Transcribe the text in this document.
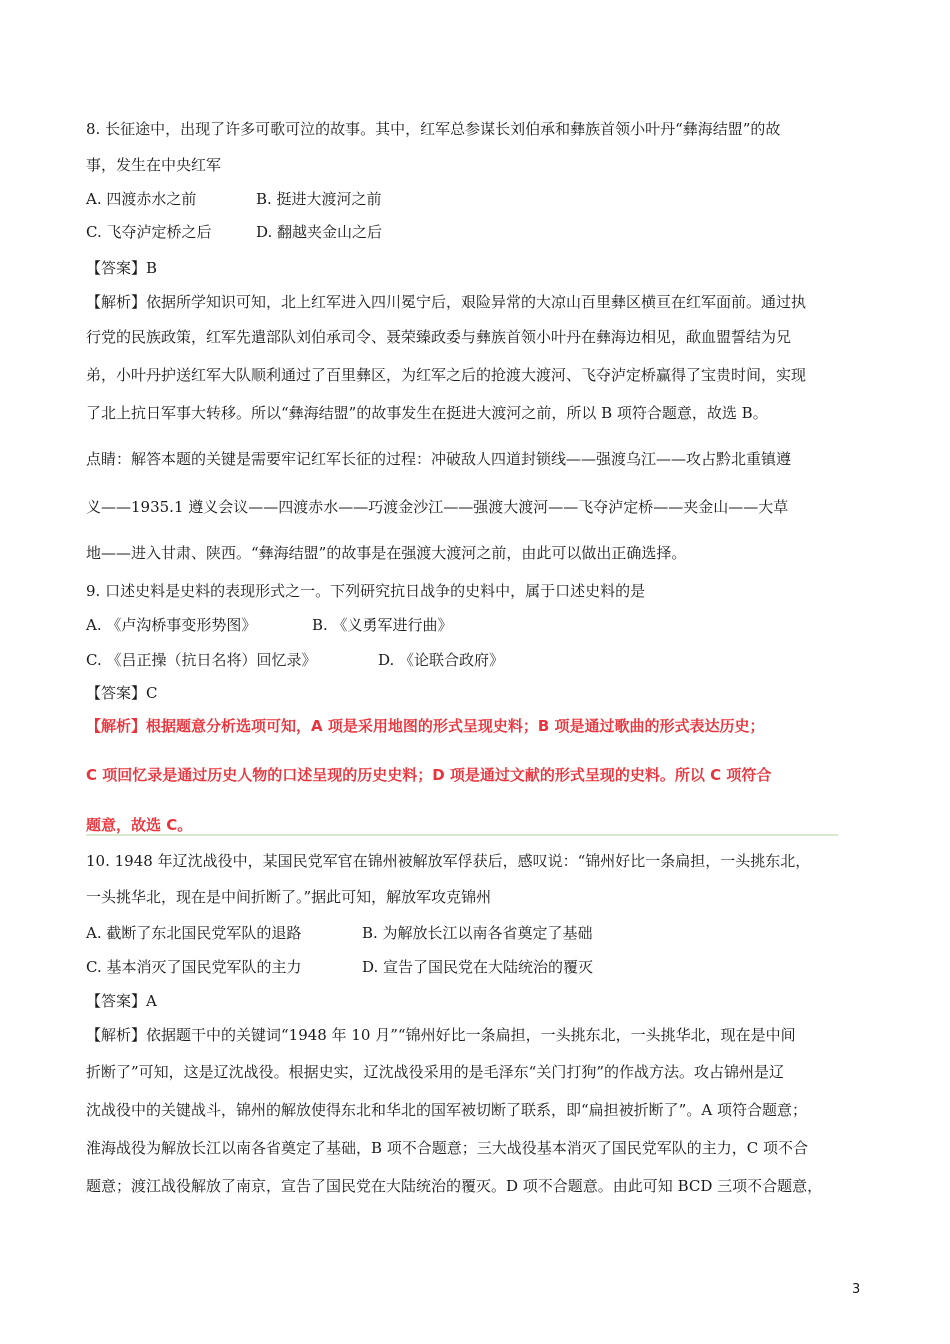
8. 长征途中，出现了许多可歌可泣的故事。其中，红军总参谋长刘伯承和彝族首领小叶丹“彝海结盟”的故
事，发生在中央红军
A. 四渡赤水之前	B. 挺进大渡河之前
C. 飞夺泸定桥之后	D. 翻越夹金山之后
【答案】B
【解析】依据所学知识可知，北上红军进入四川冕宁后，艰险异常的大凉山百里彝区横亘在红军面前。通过执
行党的民族政策，红军先遣部队刘伯承司令、聂荣臻政委与彝族首领小叶丹在彝海边相见，歃血盟誓结为兄
弟，小叶丹护送红军大队顺利通过了百里彝区，为红军之后的抢渡大渡河、飞夺泸定桥赢得了宝贵时间，实现
了北上抗日军事大转移。所以“彝海结盟”的故事发生在挺进大渡河之前，所以 B 项符合题意，故选 B。
点睛：解答本题的关键是需要牢记红军长征的过程：冲破敌人四道封锁线——强渡乌江——攻占黔北重镇遵
义——1935.1 遵义会议——四渡赤水——巧渡金沙江——强渡大渡河——飞夺泸定桥——夹金山——大草
地——进入甘肃、陕西。“彝海结盟”的故事是在强渡大渡河之前，由此可以做出正确选择。
9. 口述史料是史料的表现形式之一。下列研究抗日战争的史料中，属于口述史料的是
A. 《卢沟桥事变形势图》	B. 《义勇军进行曲》
C. 《吕正操（抗日名将）回忆录》	D. 《论联合政府》
【答案】C
【解析】根据题意分析选项可知，A 项是采用地图的形式呈现史料；B 项是通过歌曲的形式表达历史；
C 项回忆录是通过历史人物的口述呈现的历史史料；D 项是通过文献的形式呈现的史料。所以 C 项符合
题意，故选 C。
10. 1948 年辽沈战役中，某国民党军官在锦州被解放军俘获后，感叹说：“锦州好比一条扁担，一头挑东北，
一头挑华北，现在是中间折断了。”据此可知，解放军攻克锦州
A. 截断了东北国民党军队的退路	B. 为解放长江以南各省奠定了基础
C. 基本消灭了国民党军队的主力	D. 宣告了国民党在大陆统治的覆灭
【答案】A
【解析】依据题干中的关键词“1948 年 10 月”“锦州好比一条扁担，一头挑东北，一头挑华北，现在是中间
折断了”可知，这是辽沈战役。根据史实，辽沈战役采用的是毛泽东“关门打狗”的作战方法。攻占锦州是辽
沈战役中的关键战斗，锦州的解放使得东北和华北的国军被切断了联系，即“扁担被折断了”。A 项符合题意；
淮海战役为解放长江以南各省奠定了基础，B 项不合题意；三大战役基本消灭了国民党军队的主力，C 项不合
题意；渡江战役解放了南京，宣告了国民党在大陆统治的覆灭。D 项不合题意。由此可知 BCD 三项不合题意，
3
